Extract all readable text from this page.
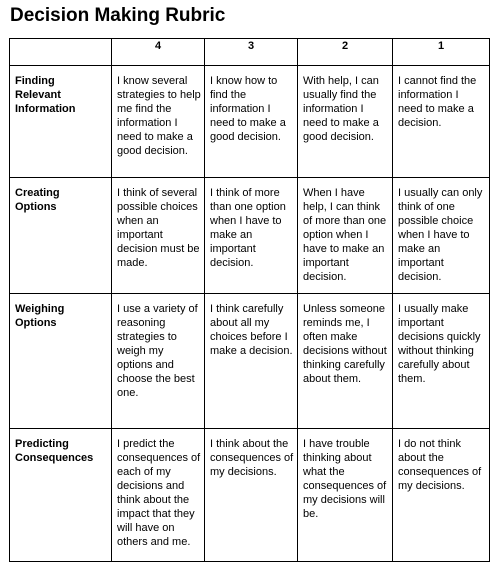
Decision Making Rubric
	4	3	2	1

Finding
Relevant
Information	I know several strategies to help me find the information I need to make a good decision.	I know how to find the information I need to make a good decision.	With help, I can usually find the information I need to make a good decision.	I cannot find the information I need to make a decision.

Creating
Options	I think of several possible choices when an important decision must be made.	I think of more than one option when I have to make an important decision.	When I have help, I can think of more than one option when I have to make an important decision.	I usually can only think of one possible choice when I have to make an important decision.

Weighing
Options	I use a variety of reasoning strategies to weigh my options and choose the best one.	I think carefully about all my choices before I make a decision.	Unless someone reminds me, I often make decisions without thinking carefully about them.	I usually make important decisions quickly without thinking carefully about them.

Predicting
Consequences	I predict the consequences of each of my decisions and think about the impact that they will have on others and me.	I think about the consequences of my decisions.	I have trouble thinking about what the consequences of my decisions will be.	I do not think about the consequences of my decisions.
